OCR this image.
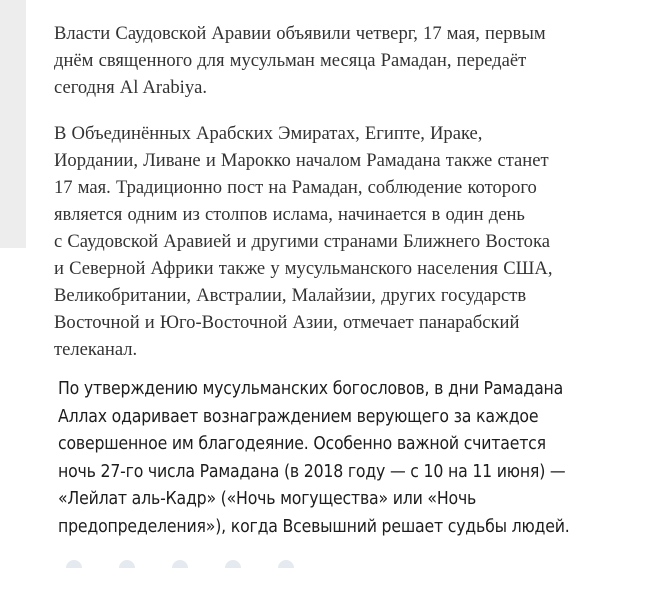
Власти Саудовской Аравии объявили четверг, 17 мая, первым
днём священного для мусульман месяца Рамадан, передаёт
сегодня Al Arabiya.

В Объединённых Арабских Эмиратах, Египте, Ираке,
Иордании, Ливане и Марокко началом Рамадана также станет
17 мая. Традиционно пост на Рамадан, соблюдение которого
является одним из столпов ислама, начинается в один день
с Саудовской Аравией и другими странами Ближнего Востока
и Северной Африки также у мусульманского населения США,
Великобритании, Австралии, Малайзии, других государств
Восточной и Юго-Восточной Азии, отмечает панарабский
телеканал.

По утверждению мусульманских богословов, в дни Рамадана
Аллах одаривает вознаграждением верующего за каждое
совершенное им благодеяние. Особенно важной считается
ночь 27-го числа Рамадана (в 2018 году — с 10 на 11 июня) —
«Лейлат аль-Кадр» («Ночь могущества» или «Ночь
предопределения»), когда Всевышний решает судьбы людей.
